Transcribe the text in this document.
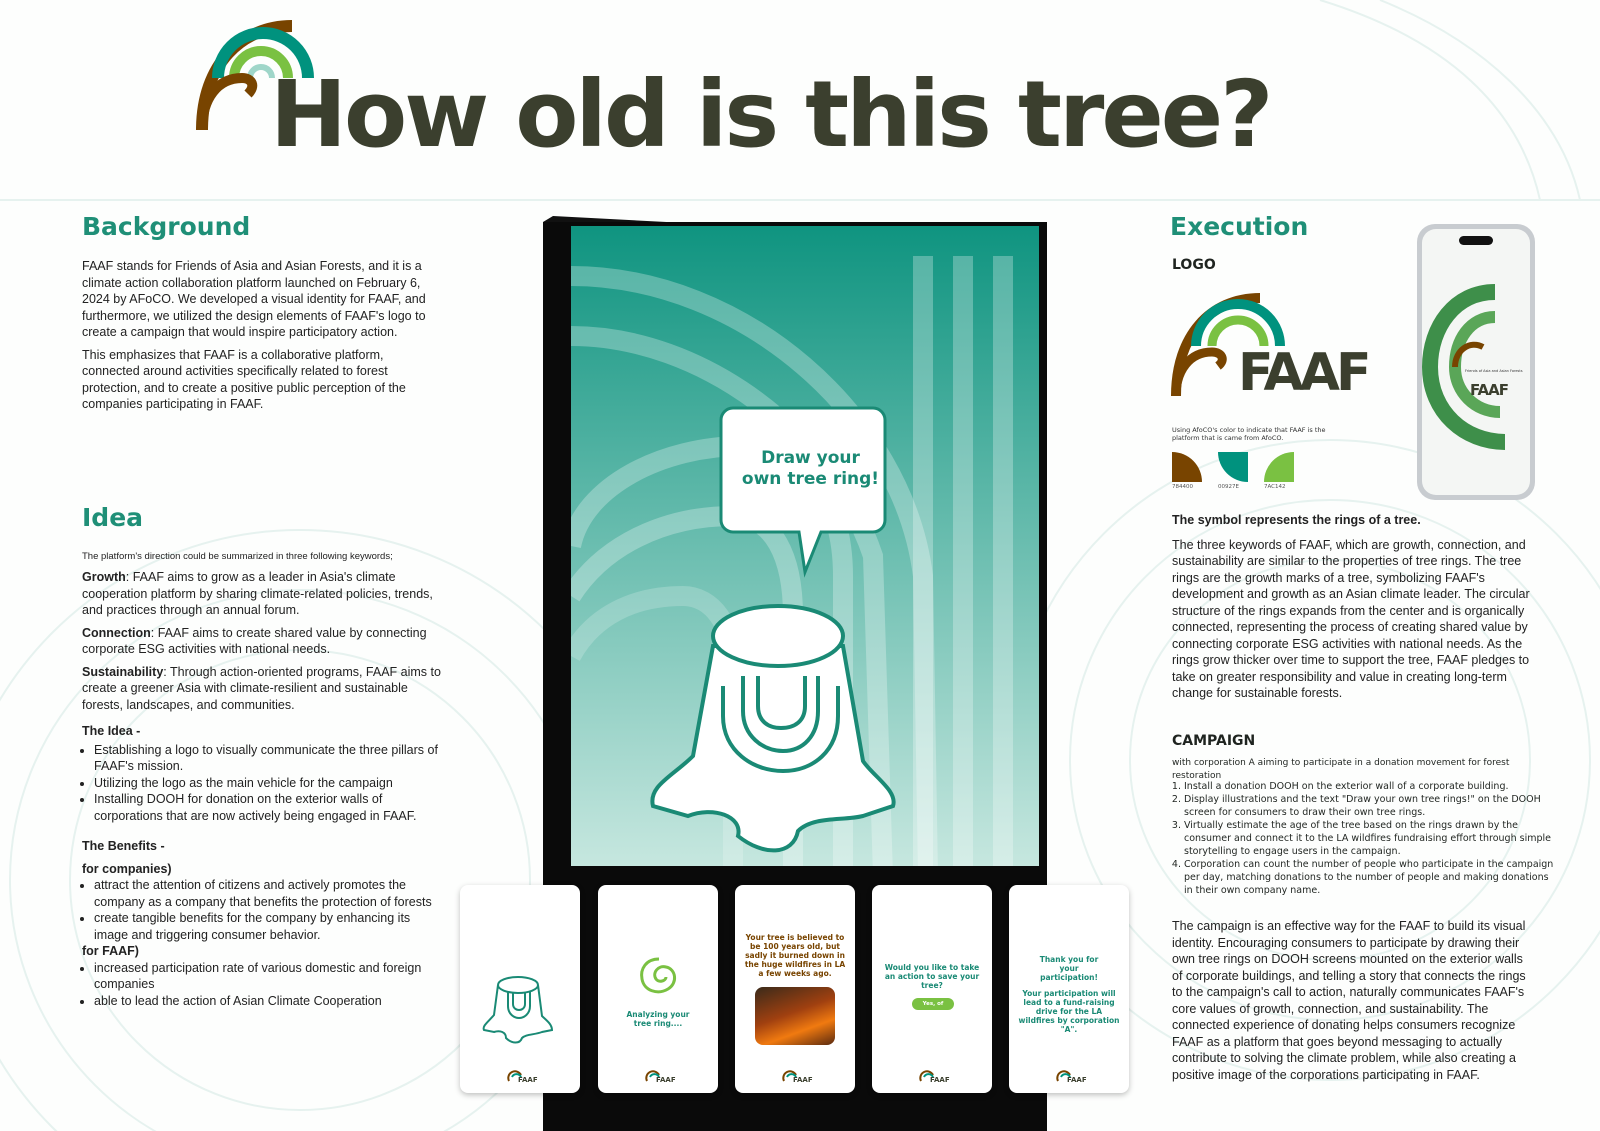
How old is this tree?
Background

FAAF stands for Friends of Asia and Asian Forests, and it is a climate action collaboration platform launched on February 6, 2024 by AFoCO. We developed a visual identity for FAAF, and furthermore, we utilized the design elements of FAAF's logo to create a campaign that would inspire participatory action.

This emphasizes that FAAF is a collaborative platform, connected around activities specifically related to forest protection, and to create a positive public perception of the companies participating in FAAF.

Idea

The platform's direction could be summarized in three following keywords;

Growth: FAAF aims to grow as a leader in Asia's climate cooperation platform by sharing climate-related policies, trends, and practices through an annual forum.

Connection: FAAF aims to create shared value by connecting corporate ESG activities with national needs.

Sustainability: Through action-oriented programs, FAAF aims to create a greener Asia with climate-resilient and sustainable forests, landscapes, and communities.

The Idea -

• Establishing a logo to visually communicate the three pillars of FAAF's mission.
• Utilizing the logo as the main vehicle for the campaign
• Installing DOOH for donation on the exterior walls of corporations that are now actively being engaged in FAAF.

The Benefits -

for companies)

• attract the attention of citizens and actively promotes the company as a company that benefits the protection of forests
• create tangible benefits for the company by enhancing its image and triggering consumer behavior.

for FAAF)

• increased participation rate of various domestic and foreign companies
• able to lead the action of Asian Climate Cooperation
Draw your
own tree ring!
FAAF
Analyzing your tree ring....
FAAF
Your tree is believed to be 100 years old, but sadly it burned down in the huge wildfires in LA a few weeks ago.
FAAF
Would you like to take an action to save your tree?
Yes, of course !
FAAF
Thank you for your participation!
Your participation will lead to a fund-raising drive for the LA wildfires by corporation "A".
FAAF
Execution
LOGO
FAAF
Using AfoCO's color to indicate that FAAF is the platform that is came from AfoCO.
784400	00927E	7AC142
Friends of Asia and Asian Forests
FAAF

The symbol represents the rings of a tree.

The three keywords of FAAF, which are growth, connection, and sustainability are similar to the properties of tree rings. The tree rings are the growth marks of a tree, symbolizing FAAF's development and growth as an Asian climate leader. The circular structure of the rings expands from the center and is organically connected, representing the process of creating shared value by connecting corporate ESG activities with national needs. As the rings grow thicker over time to support the tree, FAAF pledges to take on greater responsibility and value in creating long-term change for sustainable forests.

CAMPAIGN
with corporation A aiming to participate in a donation movement for forest restoration
1. Install a donation DOOH on the exterior wall of a corporate building.
2. Display illustrations and the text "Draw your own tree rings!" on the DOOH screen for consumers to draw their own tree rings.
3. Virtually estimate the age of the tree based on the rings drawn by the consumer and connect it to the LA wildfires fundraising effort through simple storytelling to engage users in the campaign.
4. Corporation can count the number of people who participate in the campaign per day, matching donations to the number of people and making donations in their own company name.
The campaign is an effective way for the FAAF to build its visual identity. Encouraging consumers to participate by drawing their own tree rings on DOOH screens mounted on the exterior walls of corporate buildings, and telling a story that connects the rings to the campaign's call to action, naturally communicates FAAF's core values of growth, connection, and sustainability. The connected experience of donating helps consumers recognize FAAF as a platform that goes beyond messaging to actually contribute to solving the climate problem, while also creating a positive image of the corporations participating in FAAF.
